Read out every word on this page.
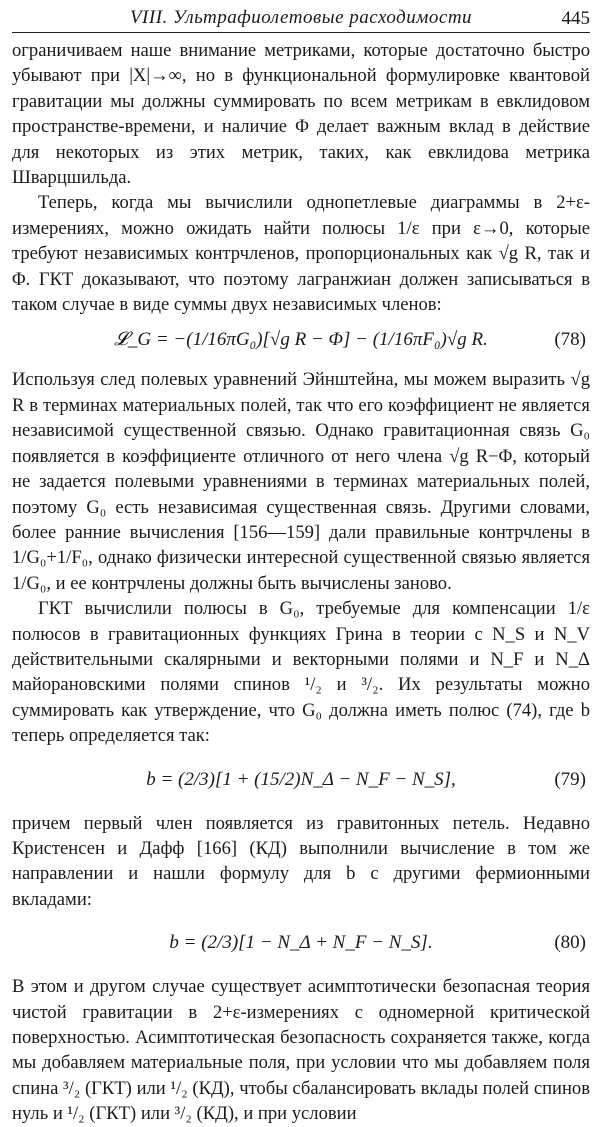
VIII. Ультрафиолетовые расходимости	445

ограничиваем наше внимание метриками, которые достаточно быстро убывают при |X|→∞, но в функциональной формулировке квантовой гравитации мы должны суммировать по всем метрикам в евклидовом пространстве-времени, и наличие Φ делает важным вклад в действие для некоторых из этих метрик, таких, как евклидова метрика Шварцшильда.

Теперь, когда мы вычислили однопетлевые диаграммы в 2+ε-измерениях, можно ожидать найти полюсы 1/ε при ε→0, которые требуют независимых контрчленов, пропорциональных как √g R, так и Φ. ГКТ доказывают, что поэтому лагранжиан должен записываться в таком случае в виде суммы двух независимых членов:

𝓛_G = −(1/16πG₀)[√g R − Φ] − (1/16πF₀)√g R.	(78)

Используя след полевых уравнений Эйнштейна, мы можем выразить √g R в терминах материальных полей, так что его коэффициент не является независимой существенной связью. Однако гравитационная связь G₀ появляется в коэффициенте отличного от него члена √g R−Φ, который не задается полевыми уравнениями в терминах материальных полей, поэтому G₀ есть независимая существенная связь. Другими словами, более ранние вычисления [156—159] дали правильные контрчлены в 1/G₀+1/F₀, однако физически интересной существенной связью является 1/G₀, и ее контрчлены должны быть вычислены заново.

ГКТ вычислили полюсы в G₀, требуемые для компенсации 1/ε полюсов в гравитационных функциях Грина в теории с N_S и N_V действительными скалярными и векторными полями и N_F и N_Δ майорановскими полями спинов ¹/₂ и ³/₂. Их результаты можно суммировать как утверждение, что G₀ должна иметь полюс (74), где b теперь определяется так:

b = (2/3)[1 + (15/2)N_Δ − N_F − N_S],	(79)

причем первый член появляется из гравитонных петель. Недавно Кристенсен и Дафф [166] (КД) выполнили вычисление в том же направлении и нашли формулу для b с другими фермионными вкладами:

b = (2/3)[1 − N_Δ + N_F − N_S].	(80)

В этом и другом случае существует асимптотически безопасная теория чистой гравитации в 2+ε-измерениях с одномерной критической поверхностью. Асимптотическая безопасность сохраняется также, когда мы добавляем материальные поля, при условии что мы добавляем поля спина ³/₂ (ГКТ) или ¹/₂ (КД), чтобы сбалансировать вклады полей спинов нуль и ¹/₂ (ГКТ) или ³/₂ (КД), и при условии
